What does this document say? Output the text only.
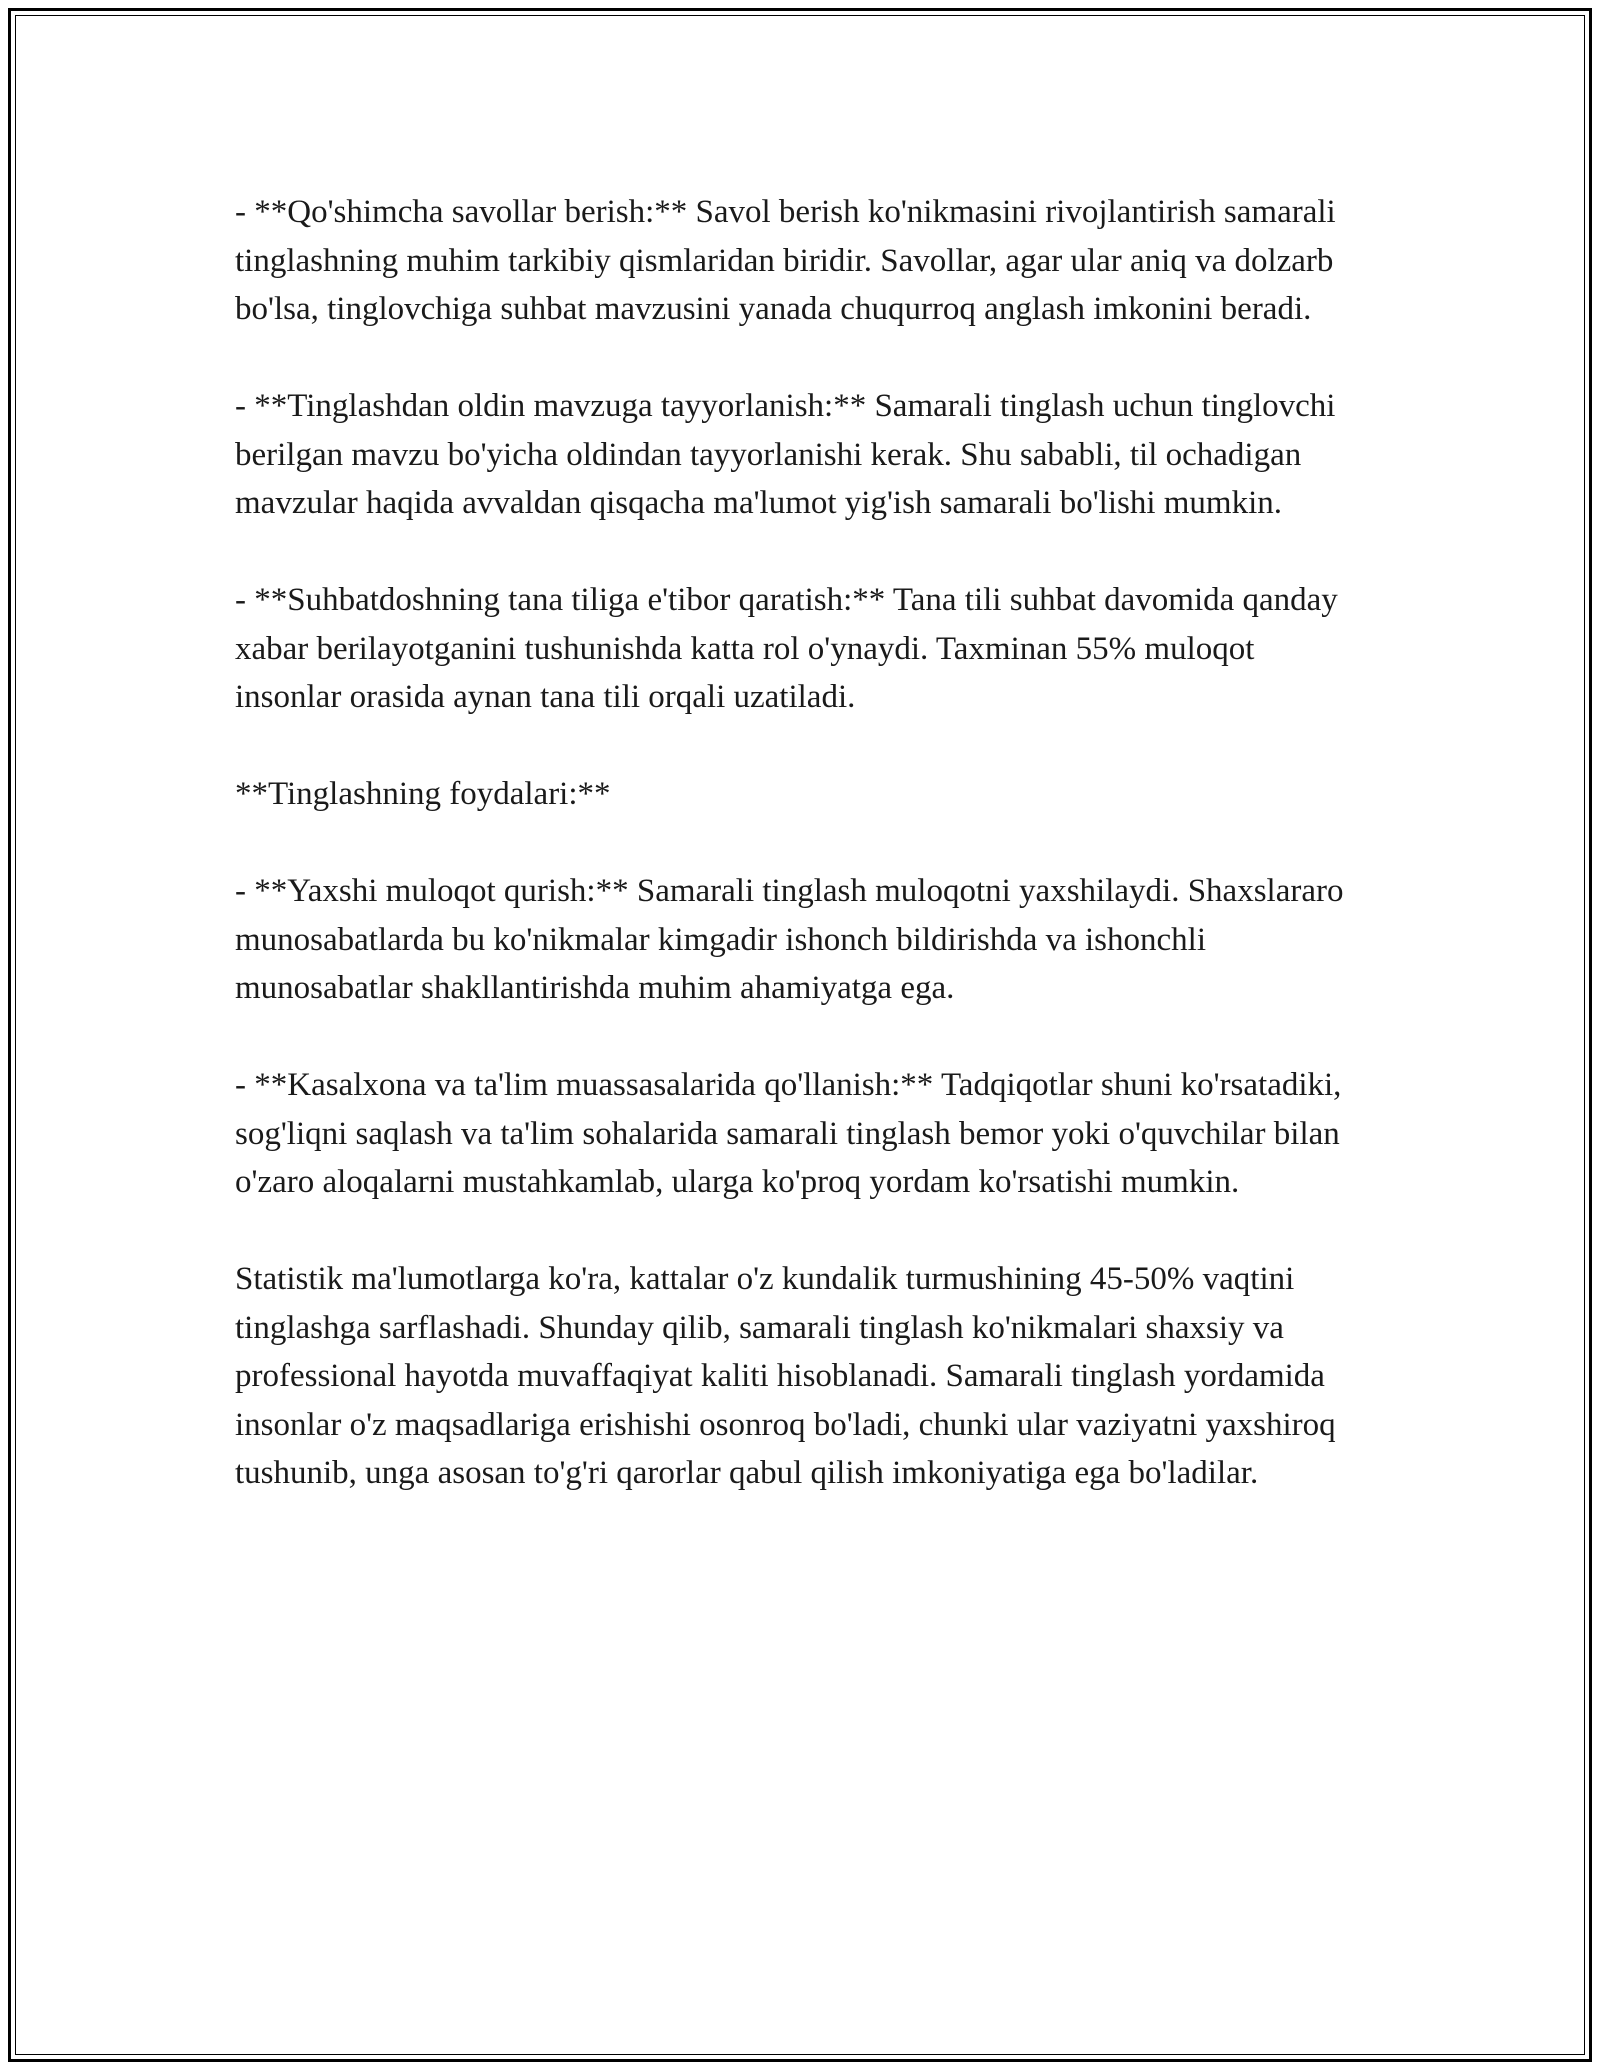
- **Qo'shimcha savollar berish:** Savol berish ko'nikmasini rivojlantirish samarali tinglashning muhim tarkibiy qismlaridan biridir. Savollar, agar ular aniq va dolzarb bo'lsa, tinglovchiga suhbat mavzusini yanada chuqurroq anglash imkonini beradi.

- **Tinglashdan oldin mavzuga tayyorlanish:** Samarali tinglash uchun tinglovchi berilgan mavzu bo'yicha oldindan tayyorlanishi kerak. Shu sababli, til ochadigan mavzular haqida avvaldan qisqacha ma'lumot yig'ish samarali bo'lishi mumkin.

- **Suhbatdoshning tana tiliga e'tibor qaratish:** Tana tili suhbat davomida qanday xabar berilayotganini tushunishda katta rol o'ynaydi. Taxminan 55% muloqot insonlar orasida aynan tana tili orqali uzatiladi.

**Tinglashning foydalari:**

- **Yaxshi muloqot qurish:** Samarali tinglash muloqotni yaxshilaydi. Shaxslararo munosabatlarda bu ko'nikmalar kimgadir ishonch bildirishda va ishonchli munosabatlar shakllantirishda muhim ahamiyatga ega.

- **Kasalxona va ta'lim muassasalarida qo'llanish:** Tadqiqotlar shuni ko'rsatadiki, sog'liqni saqlash va ta'lim sohalarida samarali tinglash bemor yoki o'quvchilar bilan o'zaro aloqalarni mustahkamlab, ularga ko'proq yordam ko'rsatishi mumkin.

Statistik ma'lumotlarga ko'ra, kattalar o'z kundalik turmushining 45-50% vaqtini tinglashga sarflashadi. Shunday qilib, samarali tinglash ko'nikmalari shaxsiy va professional hayotda muvaffaqiyat kaliti hisoblanadi. Samarali tinglash yordamida insonlar o'z maqsadlariga erishishi osonroq bo'ladi, chunki ular vaziyatni yaxshiroq tushunib, unga asosan to'g'ri qarorlar qabul qilish imkoniyatiga ega bo'ladilar.
